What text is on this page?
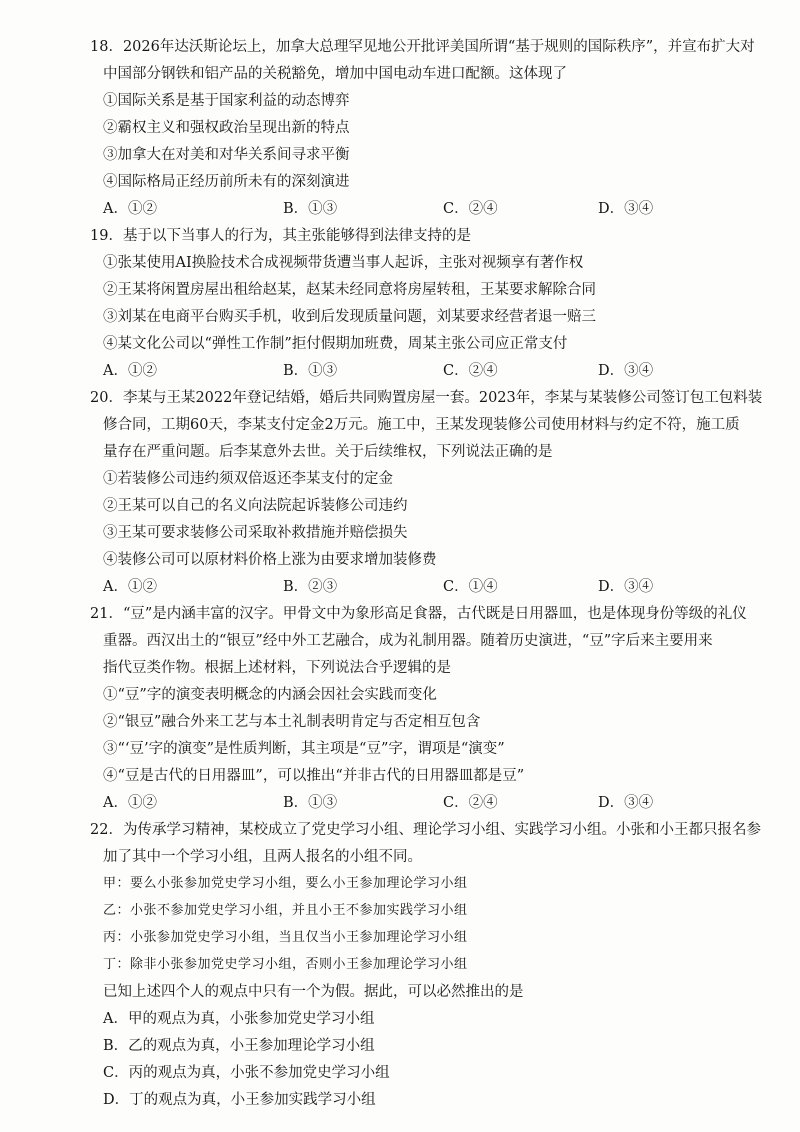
18．2026年达沃斯论坛上，加拿大总理罕见地公开批评美国所谓“基于规则的国际秩序”，并宣布扩大对
中国部分钢铁和铝产品的关税豁免，增加中国电动车进口配额。这体现了
①国际关系是基于国家利益的动态博弈
②霸权主义和强权政治呈现出新的特点
③加拿大在对美和对华关系间寻求平衡
④国际格局正经历前所未有的深刻演进
A．①②	B．①③	C．②④	D．③④
19．基于以下当事人的行为，其主张能够得到法律支持的是
①张某使用AI换脸技术合成视频带货遭当事人起诉，主张对视频享有著作权
②王某将闲置房屋出租给赵某，赵某未经同意将房屋转租，王某要求解除合同
③刘某在电商平台购买手机，收到后发现质量问题，刘某要求经营者退一赔三
④某文化公司以“弹性工作制”拒付假期加班费，周某主张公司应正常支付
A．①②	B．①③	C．②④	D．③④
20．李某与王某2022年登记结婚，婚后共同购置房屋一套。2023年，李某与某装修公司签订包工包料装
修合同，工期60天，李某支付定金2万元。施工中，王某发现装修公司使用材料与约定不符，施工质
量存在严重问题。后李某意外去世。关于后续维权，下列说法正确的是
①若装修公司违约须双倍返还李某支付的定金
②王某可以自己的名义向法院起诉装修公司违约
③王某可要求装修公司采取补救措施并赔偿损失
④装修公司可以原材料价格上涨为由要求增加装修费
A．①②	B．②③	C．①④	D．③④
21．“豆”是内涵丰富的汉字。甲骨文中为象形高足食器，古代既是日用器皿，也是体现身份等级的礼仪
重器。西汉出土的“银豆”经中外工艺融合，成为礼制用器。随着历史演进，“豆”字后来主要用来
指代豆类作物。根据上述材料，下列说法合乎逻辑的是
①“豆”字的演变表明概念的内涵会因社会实践而变化
②“银豆”融合外来工艺与本土礼制表明肯定与否定相互包含
③“‘豆’字的演变”是性质判断，其主项是“豆”字，谓项是“演变”
④“豆是古代的日用器皿”，可以推出“并非古代的日用器皿都是豆”
A．①②	B．①③	C．②④	D．③④
22．为传承学习精神，某校成立了党史学习小组、理论学习小组、实践学习小组。小张和小王都只报名参
加了其中一个学习小组，且两人报名的小组不同。
甲：要么小张参加党史学习小组，要么小王参加理论学习小组
乙：小张不参加党史学习小组，并且小王不参加实践学习小组
丙：小张参加党史学习小组，当且仅当小王参加理论学习小组
丁：除非小张参加党史学习小组，否则小王参加理论学习小组
已知上述四个人的观点中只有一个为假。据此，可以必然推出的是
A．甲的观点为真，小张参加党史学习小组
B．乙的观点为真，小王参加理论学习小组
C．丙的观点为真，小张不参加党史学习小组
D．丁的观点为真，小王参加实践学习小组
